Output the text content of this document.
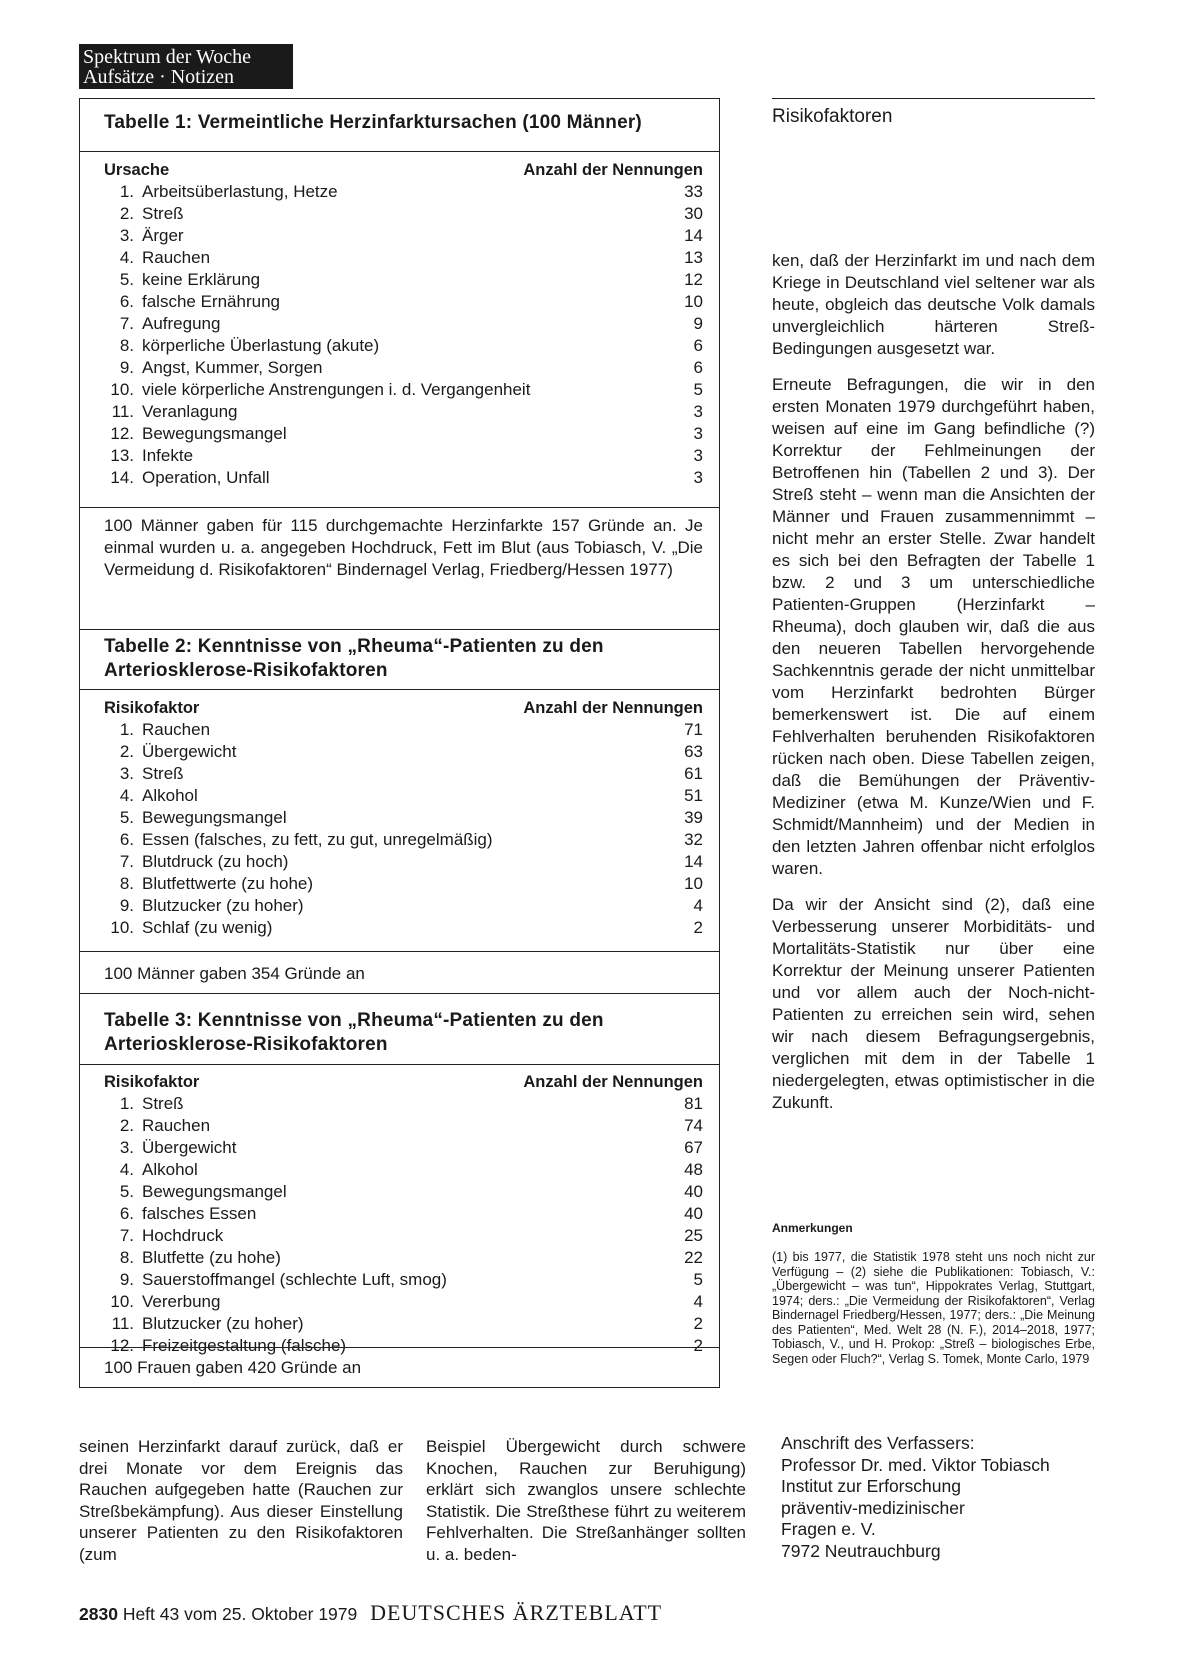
Spektrum der Woche
Aufsätze · Notizen
Tabelle 1: Vermeintliche Herzinfarktursachen (100 Männer)
Ursache	Anzahl der Nennungen
1. Arbeitsüberlastung, Hetze	33
2. Streß	30
3. Ärger	14
4. Rauchen	13
5. keine Erklärung	12
6. falsche Ernährung	10
7. Aufregung	9
8. körperliche Überlastung (akute)	6
9. Angst, Kummer, Sorgen	6
10. viele körperliche Anstrengungen i. d. Vergangenheit	5
11. Veranlagung	3
12. Bewegungsmangel	3
13. Infekte	3
14. Operation, Unfall	3
100 Männer gaben für 115 durchgemachte Herzinfarkte 157 Gründe an. Je einmal wurden u. a. angegeben Hochdruck, Fett im Blut (aus Tobiasch, V. „Die Vermeidung d. Risikofaktoren“ Bindernagel Verlag, Friedberg/Hessen 1977)
Tabelle 2: Kenntnisse von „Rheuma“-Patienten zu den Arteriosklerose-Risikofaktoren
Risikofaktor	Anzahl der Nennungen
1. Rauchen	71
2. Übergewicht	63
3. Streß	61
4. Alkohol	51
5. Bewegungsmangel	39
6. Essen (falsches, zu fett, zu gut, unregelmäßig)	32
7. Blutdruck (zu hoch)	14
8. Blutfettwerte (zu hohe)	10
9. Blutzucker (zu hoher)	4
10. Schlaf (zu wenig)	2
100 Männer gaben 354 Gründe an
Tabelle 3: Kenntnisse von „Rheuma“-Patienten zu den Arteriosklerose-Risikofaktoren
Risikofaktor	Anzahl der Nennungen
1. Streß	81
2. Rauchen	74
3. Übergewicht	67
4. Alkohol	48
5. Bewegungsmangel	40
6. falsches Essen	40
7. Hochdruck	25
8. Blutfette (zu hohe)	22
9. Sauerstoffmangel (schlechte Luft, smog)	5
10. Vererbung	4
11. Blutzucker (zu hoher)	2
12. Freizeitgestaltung (falsche)	2
100 Frauen gaben 420 Gründe an
Risikofaktoren
ken, daß der Herzinfarkt im und nach dem Kriege in Deutschland viel seltener war als heute, obgleich das deutsche Volk damals unvergleichlich härteren Streß-Bedingungen ausgesetzt war.
Erneute Befragungen, die wir in den ersten Monaten 1979 durchgeführt haben, weisen auf eine im Gang befindliche (?) Korrektur der Fehlmeinungen der Betroffenen hin (Tabellen 2 und 3). Der Streß steht – wenn man die Ansichten der Männer und Frauen zusammennimmt – nicht mehr an erster Stelle. Zwar handelt es sich bei den Befragten der Tabelle 1 bzw. 2 und 3 um unterschiedliche Patienten-Gruppen (Herzinfarkt – Rheuma), doch glauben wir, daß die aus den neueren Tabellen hervorgehende Sachkenntnis gerade der nicht unmittelbar vom Herzinfarkt bedrohten Bürger bemerkenswert ist. Die auf einem Fehlverhalten beruhenden Risikofaktoren rücken nach oben. Diese Tabellen zeigen, daß die Bemühungen der Präventiv-Mediziner (etwa M. Kunze/Wien und F. Schmidt/Mannheim) und der Medien in den letzten Jahren offenbar nicht erfolglos waren.
Da wir der Ansicht sind (2), daß eine Verbesserung unserer Morbiditäts- und Mortalitäts-Statistik nur über eine Korrektur der Meinung unserer Patienten und vor allem auch der Noch-nicht-Patienten zu erreichen sein wird, sehen wir nach diesem Befragungsergebnis, verglichen mit dem in der Tabelle 1 niedergelegten, etwas optimistischer in die Zukunft.
Anmerkungen
(1) bis 1977, die Statistik 1978 steht uns noch nicht zur Verfügung – (2) siehe die Publikationen: Tobiasch, V.: „Übergewicht – was tun“, Hippokrates Verlag, Stuttgart, 1974; ders.: „Die Vermeidung der Risikofaktoren“, Verlag Bindernagel Friedberg/Hessen, 1977; ders.: „Die Meinung des Patienten“, Med. Welt 28 (N. F.), 2014–2018, 1977; Tobiasch, V., und H. Prokop: „Streß – biologisches Erbe, Segen oder Fluch?“, Verlag S. Tomek, Monte Carlo, 1979
Anschrift des Verfassers:
Professor Dr. med. Viktor Tobiasch
Institut zur Erforschung
präventiv-medizinischer
Fragen e. V.
7972 Neutrauchburg
seinen Herzinfarkt darauf zurück, daß er drei Monate vor dem Ereignis das Rauchen aufgegeben hatte (Rauchen zur Streßbekämpfung). Aus dieser Einstellung unserer Patienten zu den Risikofaktoren (zum
Beispiel Übergewicht durch schwere Knochen, Rauchen zur Beruhigung) erklärt sich zwanglos unsere schlechte Statistik. Die Streßthese führt zu weiterem Fehlverhalten. Die Streßanhänger sollten u. a. beden-
2830 Heft 43 vom 25. Oktober 1979 DEUTSCHES ÄRZTEBLATT
